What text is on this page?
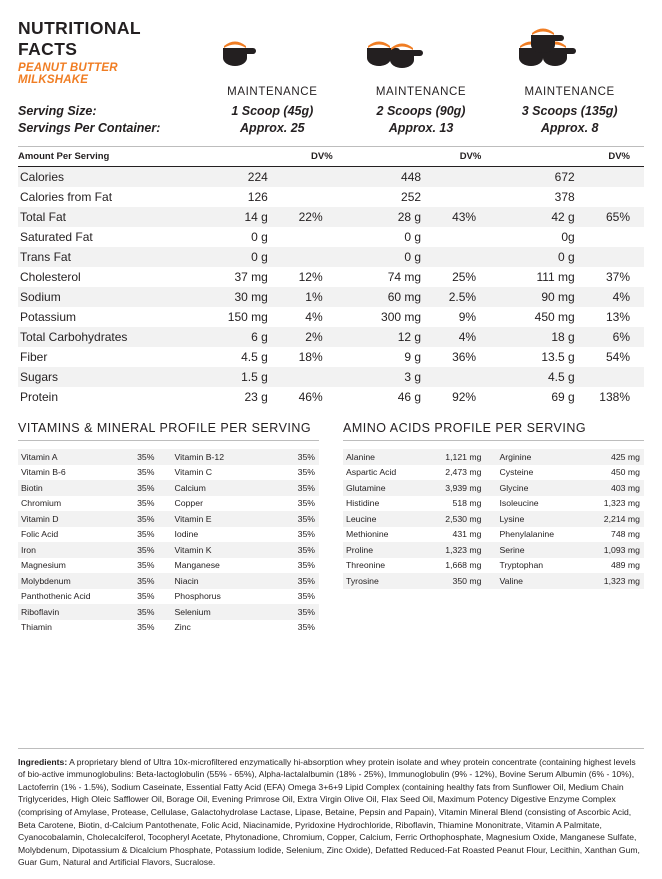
NUTRITIONAL FACTS
PEANUT BUTTER MILKSHAKE
MAINTENANCE	MAINTENANCE	MAINTENANCE
Serving Size:	1 Scoop (45g)	2 Scoops (90g)	3 Scoops (135g)
Servings Per Container:	Approx. 25	Approx. 13	Approx. 8
Amount Per Serving	DV%	DV%	DV%
Calories	224			448			672	
Calories from Fat	126			252			378	
Total Fat	14 g	22%		28 g	43%		42 g	65%
Saturated Fat	0 g			0 g			0g	
Trans Fat	0 g			0 g			0 g	
Cholesterol	37 mg	12%		74 mg	25%		111 mg	37%
Sodium	30 mg	1%		60 mg	2.5%		90 mg	4%
Potassium	150 mg	4%		300 mg	9%		450 mg	13%
Total Carbohydrates	6 g	2%		12 g	4%		18 g	6%
Fiber	4.5 g	18%		9 g	36%		13.5 g	54%
Sugars	1.5 g			3 g			4.5 g	
Protein	23 g	46%		46 g	92%		69 g	138%
VITAMINS & MINERAL PROFILE PER SERVING
Vitamin A	35%	Vitamin B-12	35%
Vitamin B-6	35%	Vitamin C	35%
Biotin	35%	Calcium	35%
Chromium	35%	Copper	35%
Vitamin D	35%	Vitamin E	35%
Folic Acid	35%	Iodine	35%
Iron	35%	Vitamin K	35%
Magnesium	35%	Manganese	35%
Molybdenum	35%	Niacin	35%
Panthothenic Acid	35%	Phosphorus	35%
Riboflavin	35%	Selenium	35%
Thiamin	35%	Zinc	35%
AMINO ACIDS PROFILE PER SERVING
Alanine	1,121 mg	Arginine	425 mg
Aspartic Acid	2,473 mg	Cysteine	450 mg
Glutamine	3,939 mg	Glycine	403 mg
Histidine	518 mg	Isoleucine	1,323 mg
Leucine	2,530 mg	Lysine	2,214 mg
Methionine	431 mg	Phenylalanine	748 mg
Proline	1,323 mg	Serine	1,093 mg
Threonine	1,668 mg	Tryptophan	489 mg
Tyrosine	350 mg	Valine	1,323 mg
Ingredients: A proprietary blend of Ultra 10x-microfiltered enzymatically hi-absorption whey protein isolate and whey protein concentrate (containing highest levels of bio-active immunoglobulins: Beta-lactoglobulin (55% - 65%), Alpha-lactalalbumin (18% - 25%), Immunoglobulin (9% - 12%), Bovine Serum Albumin (6% - 10%), Lactoferrin (1% - 1.5%), Sodium Caseinate, Essential Fatty Acid (EFA) Omega 3+6+9 Lipid Complex (containing healthy fats from Sunflower Oil, Medium Chain Triglycerides, High Oleic Safflower Oil, Borage Oil, Evening Primrose Oil, Extra Virgin Olive Oil, Flax Seed Oil, Maximum Potency Digestive Enzyme Complex (comprising of Amylase, Protease, Cellulase, Galactohydrolase Lactase, Lipase, Betaine, Pepsin and Papain), Vitamin Mineral Blend (consisting of Ascorbic Acid, Beta Carotene, Biotin, d-Calcium Pantothenate, Folic Acid, Niacinamide, Pyridoxine Hydrochloride, Riboflavin, Thiamine Mononitrate, Vitamin A Palmitate, Cyanocobalamin, Cholecalciferol, Tocopheryl Acetate, Phytonadione, Chromium, Copper, Calcium, Ferric Orthophosphate, Magnesium Oxide, Manganese Sulfate, Molybdenum, Dipotassium & Dicalcium Phosphate, Potassium Iodide, Selenium, Zinc Oxide), Defatted Reduced-Fat Roasted Peanut Flour, Lecithin, Xanthan Gum, Guar Gum, Natural and Artificial Flavors, Sucralose.
